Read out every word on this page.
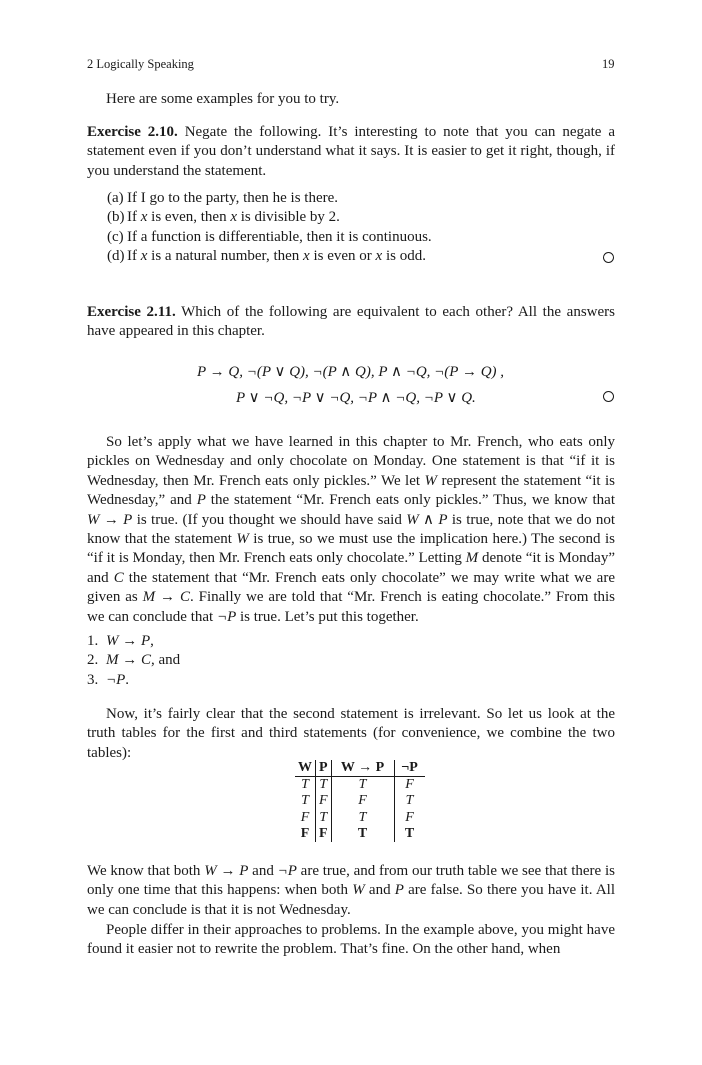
2 Logically Speaking	19
Here are some examples for you to try.
Exercise 2.10. Negate the following. It’s interesting to note that you can negate a statement even if you don’t understand what it says. It is easier to get it right, though, if you understand the statement.
(a) If I go to the party, then he is there.
(b) If x is even, then x is divisible by 2.
(c) If a function is differentiable, then it is continuous.
(d) If x is a natural number, then x is even or x is odd.
Exercise 2.11. Which of the following are equivalent to each other? All the answers have appeared in this chapter.
P → Q, ¬(P ∨ Q), ¬(P ∧ Q), P ∧ ¬Q, ¬(P → Q) ,
P ∨ ¬Q, ¬P ∨ ¬Q, ¬P ∧ ¬Q, ¬P ∨ Q.
So let’s apply what we have learned in this chapter to Mr. French, who eats only pickles on Wednesday and only chocolate on Monday. One statement is that “if it is Wednesday, then Mr. French eats only pickles.” We let W represent the statement “it is Wednesday,” and P the statement “Mr. French eats only pickles.” Thus, we know that W → P is true. (If you thought we should have said W ∧ P is true, note that we do not know that the statement W is true, so we must use the implication here.) The second is “if it is Monday, then Mr. French eats only chocolate.” Letting M denote “it is Monday” and C the statement that “Mr. French eats only chocolate” we may write what we are given as M → C. Finally we are told that “Mr. French is eating chocolate.” From this we can conclude that ¬P is true. Let’s put this together.
1. W → P ,
2. M → C , and
3. ¬P .
Now, it’s fairly clear that the second statement is irrelevant. So let us look at the truth tables for the first and third statements (for convenience, we combine the two tables):
W	P	W → P	¬P
T	T	T	F
T	F	F	T
F	T	T	F
F	F	T	T
We know that both W → P and ¬P are true, and from our truth table we see that there is only one time that this happens: when both W and P are false. So there you have it. All we can conclude is that it is not Wednesday.
People differ in their approaches to problems. In the example above, you might have found it easier not to rewrite the problem. That’s fine. On the other hand, when
